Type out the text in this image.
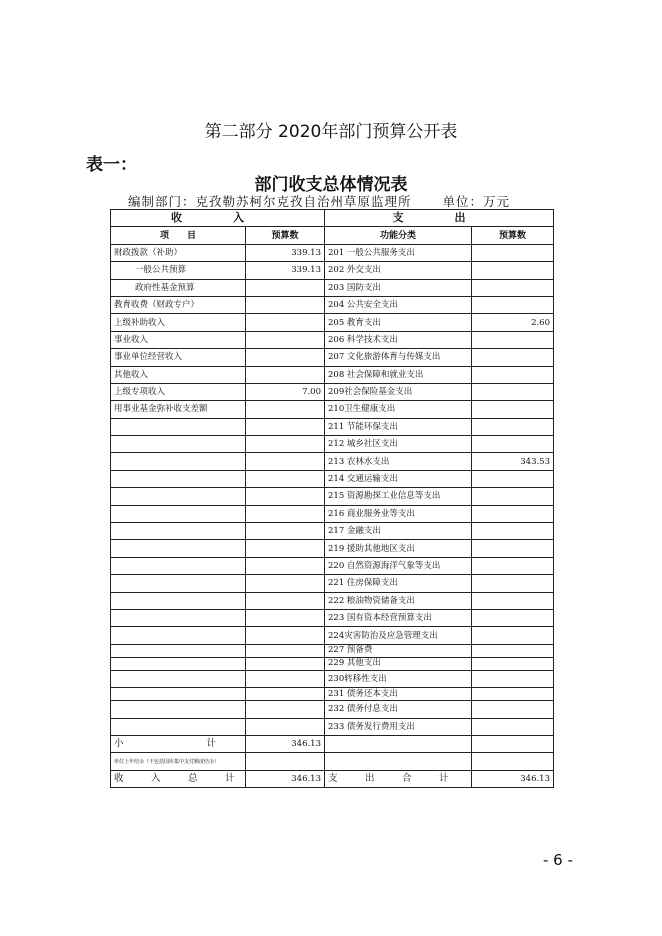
第二部分 2020年部门预算公开表
表一：
部门收支总体情况表
编制部门：克孜勒苏柯尔克孜自治州草原监理所 单位：万元
收　入		支　出	
项　　目	预算数	功能分类	预算数
财政拨款（补助）	339.13	201 一般公共服务支出	
一般公共预算	339.13	202 外交支出	
政府性基金预算		203 国防支出	
教育收费（财政专户）		204 公共安全支出	
上级补助收入		205 教育支出	2.60
事业收入		206 科学技术支出	
事业单位经营收入		207 文化旅游体育与传媒支出	
其他收入		208 社会保障和就业支出	
上级专项收入	7.00	209社会保险基金支出	
用事业基金弥补收支差额		210卫生健康支出	
		211 节能环保支出	
		212 城乡社区支出	
		213 农林水支出	343.53
		214 交通运输支出	
		215 资源勘探工业信息等支出	
		216 商业服务业等支出	
		217 金融支出	
		219 援助其他地区支出	
		220 自然资源海洋气象等支出	
		221 住房保障支出	
		222 粮油物资储备支出	
		223 国有资本经营预算支出	
		224灾害防治及应急管理支出	
		227 预备费	
		229 其他支出	
		230转移性支出	
		231 债务还本支出	
		232 债务付息支出	
		233 债务发行费用支出	
小　　　　计	346.13		
单位上年结余（不包括国库集中支付额度结余）			
收　入　总　计	346.13	支　出　合　计	346.13
- 6 -
